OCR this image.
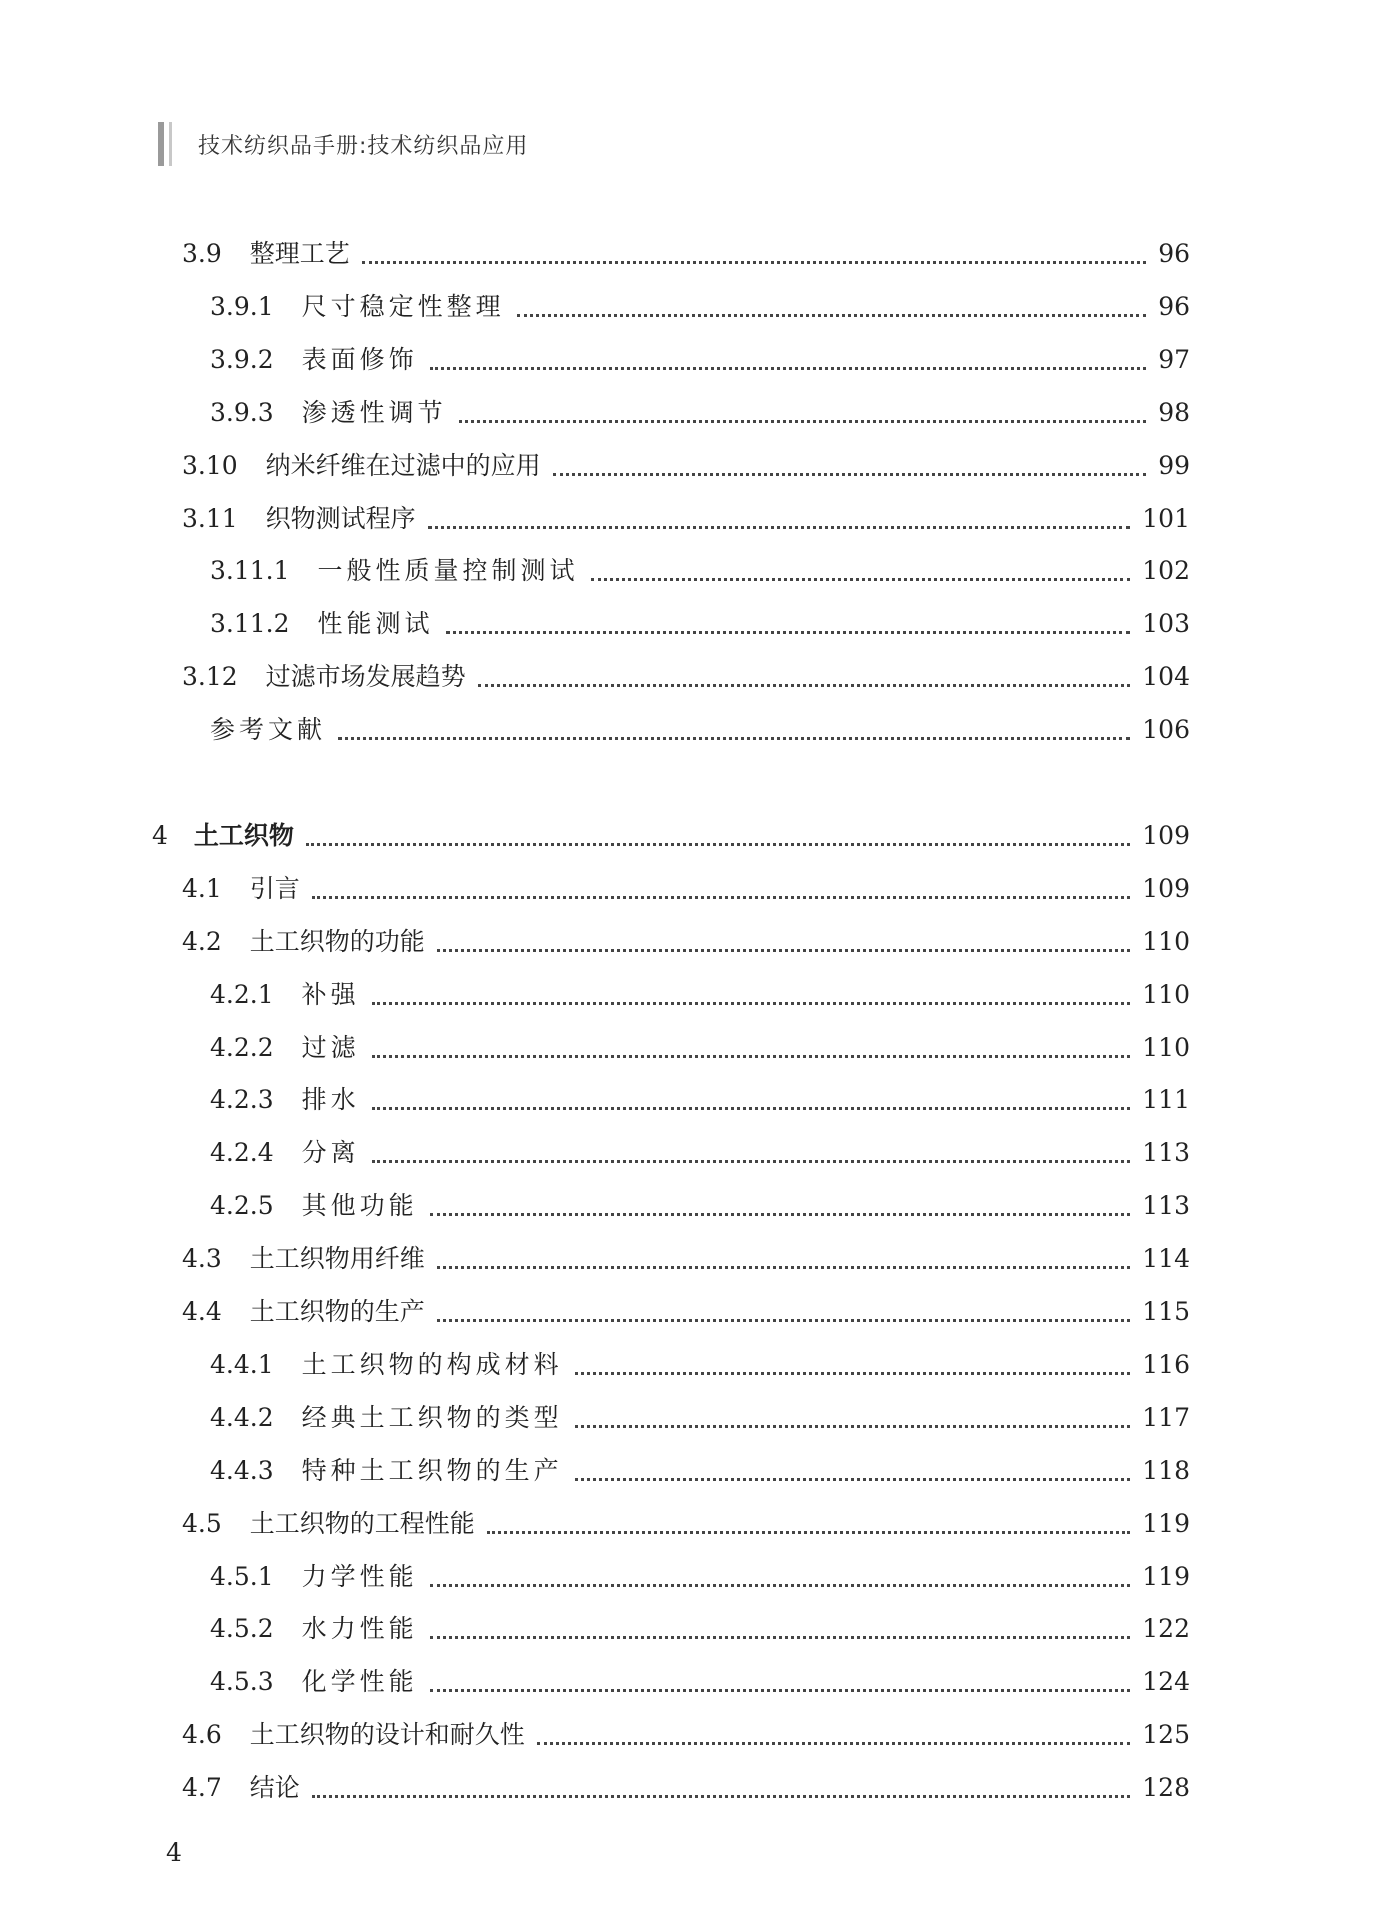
技术纺织品手册:技术纺织品应用
3.9 整理工艺	96
3.9.1 尺寸稳定性整理	96
3.9.2 表面修饰	97
3.9.3 渗透性调节	98
3.10 纳米纤维在过滤中的应用	99
3.11 织物测试程序	101
3.11.1 一般性质量控制测试	102
3.11.2 性能测试	103
3.12 过滤市场发展趋势	104
参考文献	106
4 土工织物	109
4.1 引言	109
4.2 土工织物的功能	110
4.2.1 补强	110
4.2.2 过滤	110
4.2.3 排水	111
4.2.4 分离	113
4.2.5 其他功能	113
4.3 土工织物用纤维	114
4.4 土工织物的生产	115
4.4.1 土工织物的构成材料	116
4.4.2 经典土工织物的类型	117
4.4.3 特种土工织物的生产	118
4.5 土工织物的工程性能	119
4.5.1 力学性能	119
4.5.2 水力性能	122
4.5.3 化学性能	124
4.6 土工织物的设计和耐久性	125
4.7 结论	128
4
